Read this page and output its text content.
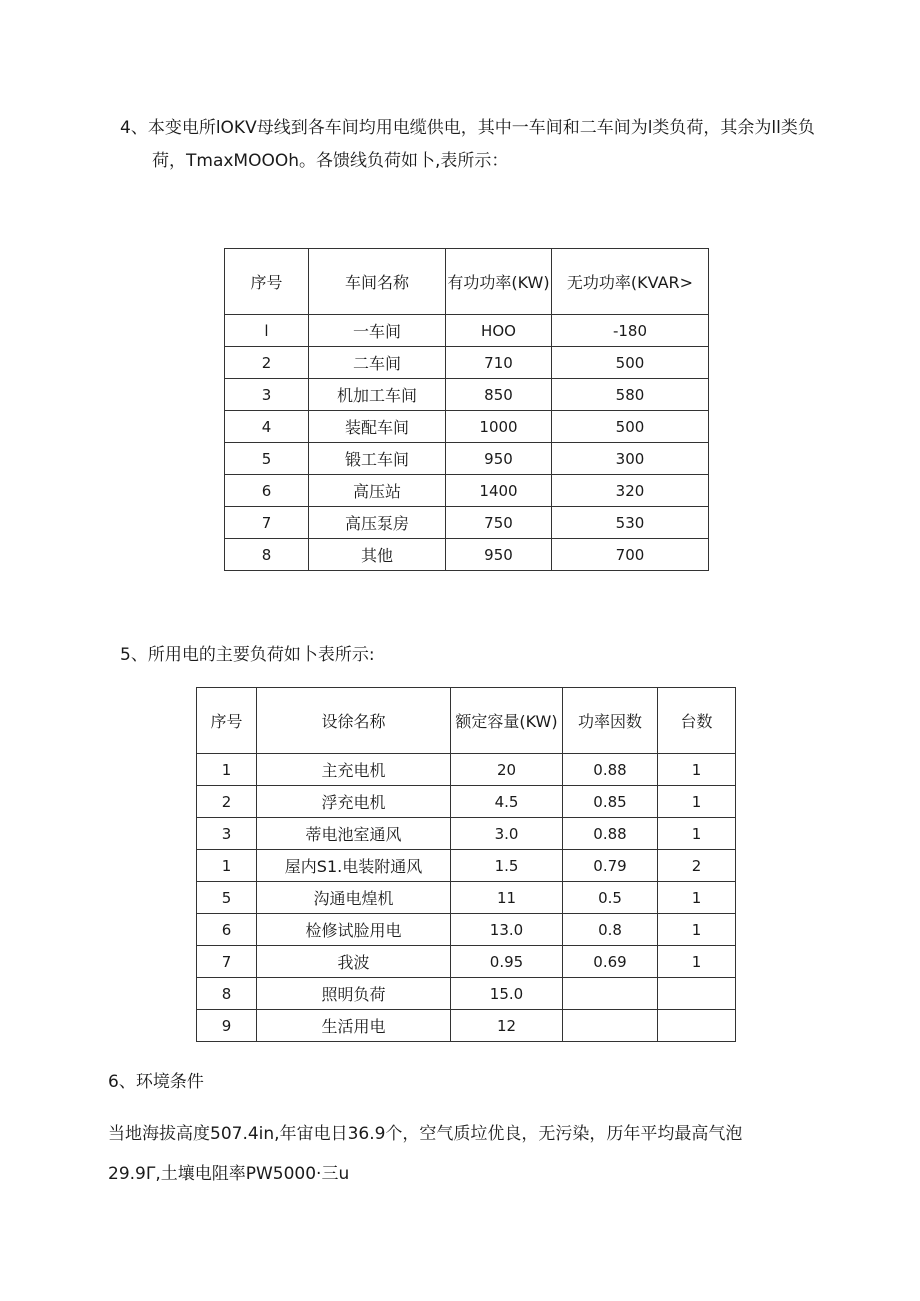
4、本变电所lOKV母线到各车间均用电缆供电，其中一车间和二车间为l类负荷，其余为ll类负
荷，TmaxMOOOh。各馈线负荷如卜,表所示：
序号	车间名称	有功功率(KW)	无功功率(KVAR>
l	一车间	HOO	-180
2	二车间	710	500
3	机加工车间	850	580
4	装配车间	1000	500
5	锻工车间	950	300
6	高压站	1400	320
7	高压泵房	750	530
8	其他	950	700
5、所用电的主要负荷如卜表所示:
序号	设徐名称	额定容量(KW)	功率因数	台数
1	主充电机	20	0.88	1
2	浮充电机	4.5	0.85	1
3	蒂电池室通风	3.0	0.88	1
1	屋内S1.电装附通风	1.5	0.79	2
5	沟通电煌机	11	0.5	1
6	检修试脸用电	13.0	0.8	1
7	我波	0.95	0.69	1
8	照明负荷	15.0		
9	生活用电	12		
6、环境条件
当地海拔高度507.4in,年宙电日36.9个，空气质垃优良，无污染，历年平均最高气泡
29.9Γ,土壤电阻率PW5000·三u
